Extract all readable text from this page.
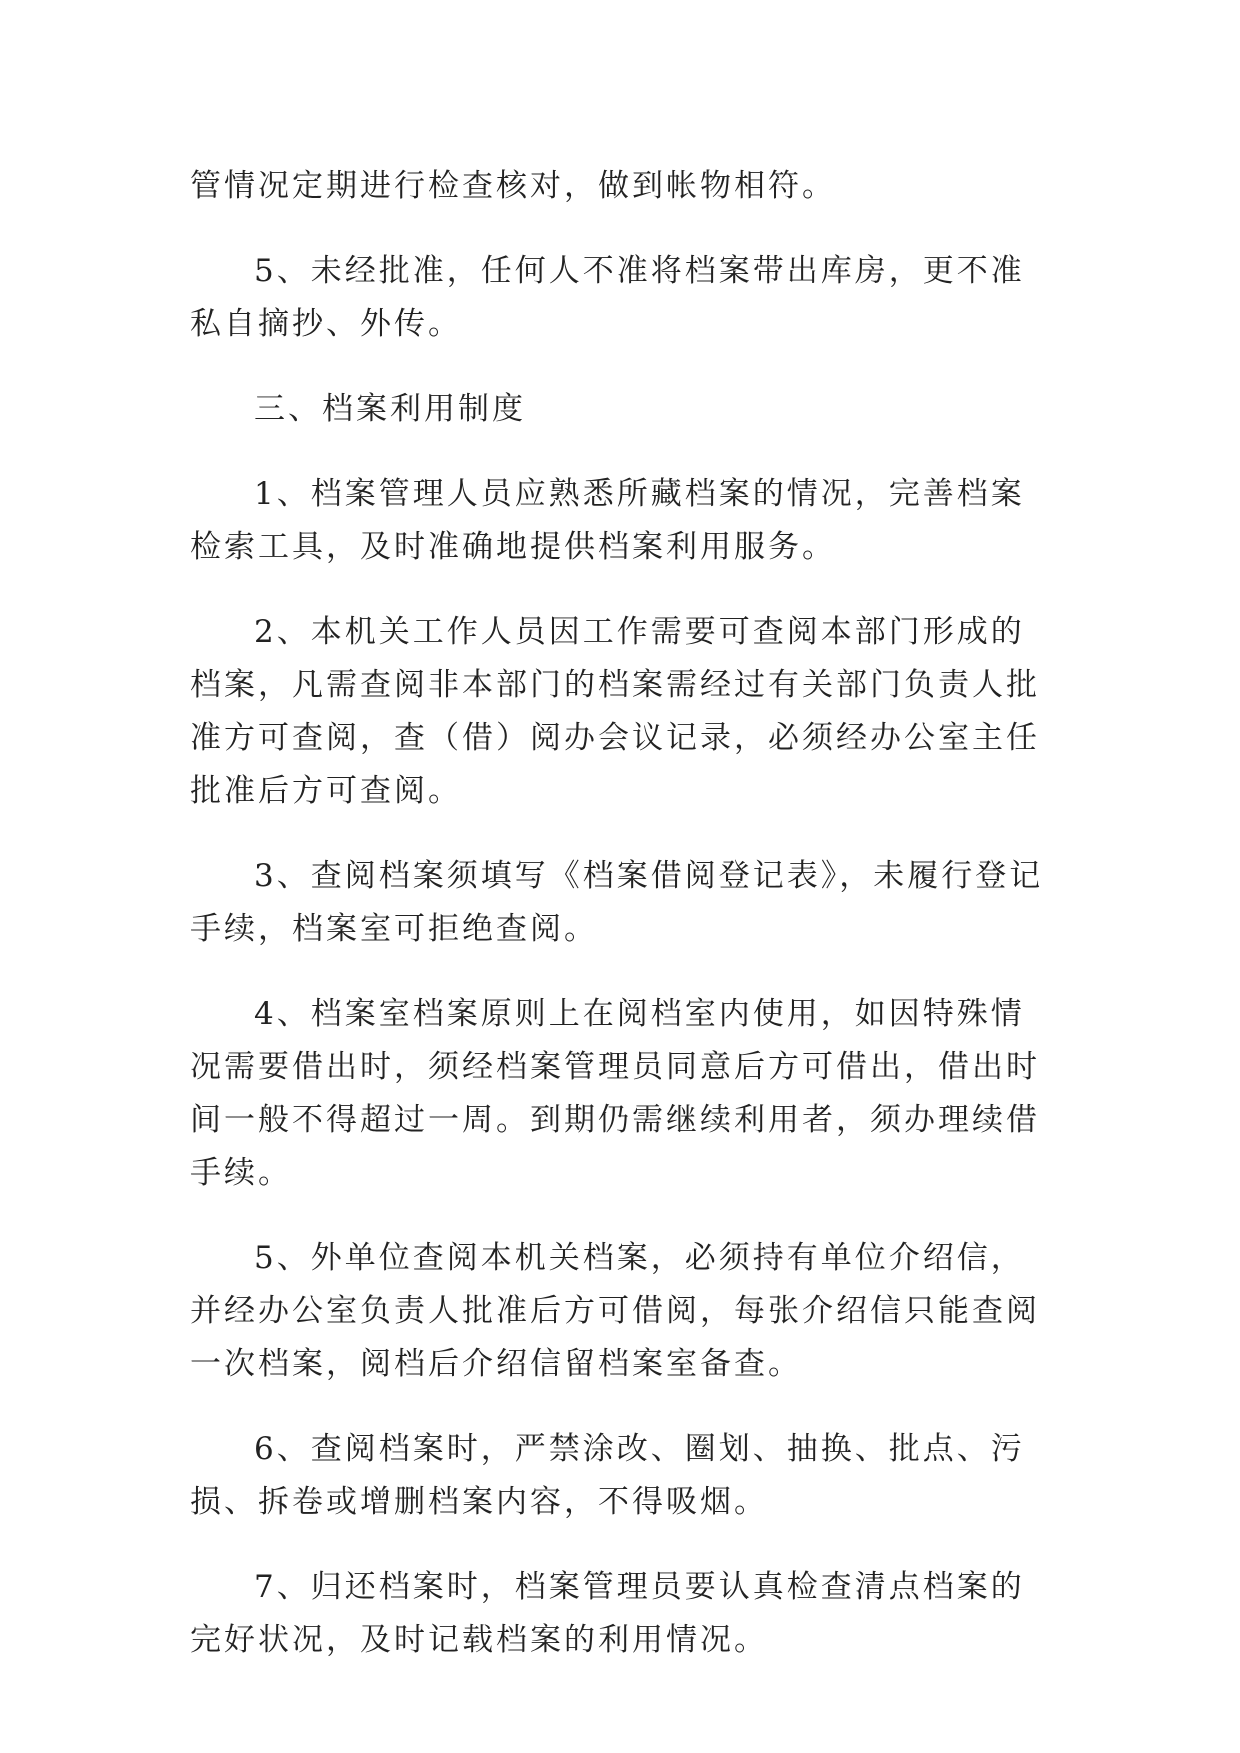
管情况定期进行检查核对，做到帐物相符。

5、未经批准，任何人不准将档案带出库房，更不准私自摘抄、外传。

三、档案利用制度

1、档案管理人员应熟悉所藏档案的情况，完善档案检索工具，及时准确地提供档案利用服务。

2、本机关工作人员因工作需要可查阅本部门形成的档案，凡需查阅非本部门的档案需经过有关部门负责人批准方可查阅，查（借）阅办会议记录，必须经办公室主任批准后方可查阅。

3、查阅档案须填写《档案借阅登记表》，未履行登记手续，档案室可拒绝查阅。

4、档案室档案原则上在阅档室内使用，如因特殊情况需要借出时，须经档案管理员同意后方可借出，借出时间一般不得超过一周。到期仍需继续利用者，须办理续借手续。

5、外单位查阅本机关档案，必须持有单位介绍信，并经办公室负责人批准后方可借阅，每张介绍信只能查阅一次档案，阅档后介绍信留档案室备查。

6、查阅档案时，严禁涂改、圈划、抽换、批点、污损、拆卷或增删档案内容，不得吸烟。

7、归还档案时，档案管理员要认真检查清点档案的完好状况，及时记载档案的利用情况。
